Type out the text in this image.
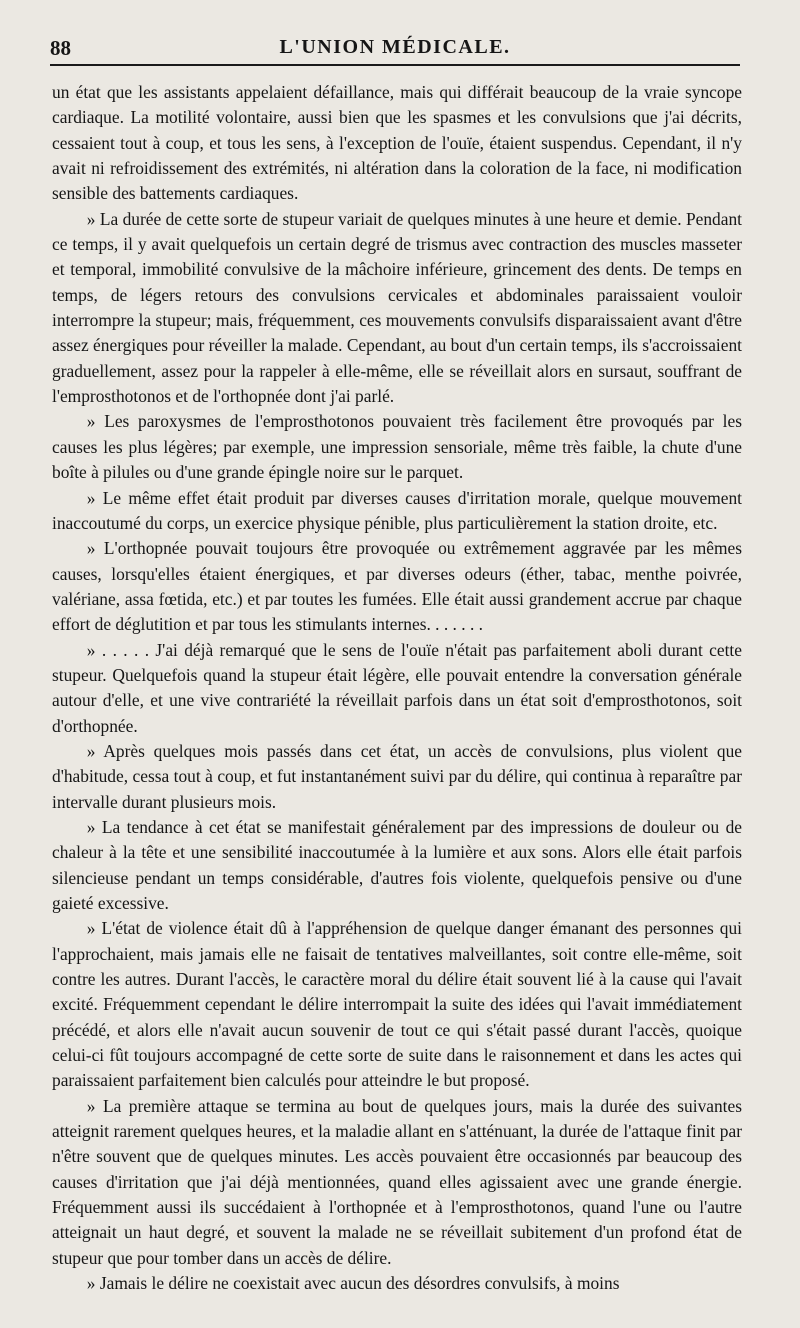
88	L'UNION MÉDICALE.

un état que les assistants appelaient défaillance, mais qui différait beaucoup de la vraie syncope cardiaque. La motilité volontaire, aussi bien que les spasmes et les convulsions que j'ai décrits, cessaient tout à coup, et tous les sens, à l'exception de l'ouïe, étaient suspendus. Cependant, il n'y avait ni refroidissement des extrémités, ni altération dans la coloration de la face, ni modification sensible des battements cardiaques.

» La durée de cette sorte de stupeur variait de quelques minutes à une heure et demie. Pendant ce temps, il y avait quelquefois un certain degré de trismus avec contraction des muscles masseter et temporal, immobilité convulsive de la mâchoire inférieure, grincement des dents. De temps en temps, de légers retours des convulsions cervicales et abdominales paraissaient vouloir interrompre la stupeur; mais, fréquemment, ces mouvements convulsifs disparaissaient avant d'être assez énergiques pour réveiller la malade. Cependant, au bout d'un certain temps, ils s'accroissaient graduellement, assez pour la rappeler à elle-même, elle se réveillait alors en sursaut, souffrant de l'emprosthotonos et de l'orthopnée dont j'ai parlé.

» Les paroxysmes de l'emprosthotonos pouvaient très facilement être provoqués par les causes les plus légères; par exemple, une impression sensoriale, même très faible, la chute d'une boîte à pilules ou d'une grande épingle noire sur le parquet.

» Le même effet était produit par diverses causes d'irritation morale, quelque mouvement inaccoutumé du corps, un exercice physique pénible, plus particulièrement la station droite, etc.

» L'orthopnée pouvait toujours être provoquée ou extrêmement aggravée par les mêmes causes, lorsqu'elles étaient énergiques, et par diverses odeurs (éther, tabac, menthe poivrée, valériane, assa fœtida, etc.) et par toutes les fumées. Elle était aussi grandement accrue par chaque effort de déglutition et par tous les stimulants internes. . . . . . .

» . . . . . J'ai déjà remarqué que le sens de l'ouïe n'était pas parfaitement aboli durant cette stupeur. Quelquefois quand la stupeur était légère, elle pouvait entendre la conversation générale autour d'elle, et une vive contrariété la réveillait parfois dans un état soit d'emprosthotonos, soit d'orthopnée.

» Après quelques mois passés dans cet état, un accès de convulsions, plus violent que d'habitude, cessa tout à coup, et fut instantanément suivi par du délire, qui continua à reparaître par intervalle durant plusieurs mois.

» La tendance à cet état se manifestait généralement par des impressions de douleur ou de chaleur à la tête et une sensibilité inaccoutumée à la lumière et aux sons. Alors elle était parfois silencieuse pendant un temps considérable, d'autres fois violente, quelquefois pensive ou d'une gaieté excessive.

» L'état de violence était dû à l'appréhension de quelque danger émanant des personnes qui l'approchaient, mais jamais elle ne faisait de tentatives malveillantes, soit contre elle-même, soit contre les autres. Durant l'accès, le caractère moral du délire était souvent lié à la cause qui l'avait excité. Fréquemment cependant le délire interrompait la suite des idées qui l'avait immédiatement précédé, et alors elle n'avait aucun souvenir de tout ce qui s'était passé durant l'accès, quoique celui-ci fût toujours accompagné de cette sorte de suite dans le raisonnement et dans les actes qui paraissaient parfaitement bien calculés pour atteindre le but proposé.

» La première attaque se termina au bout de quelques jours, mais la durée des suivantes atteignit rarement quelques heures, et la maladie allant en s'atténuant, la durée de l'attaque finit par n'être souvent que de quelques minutes. Les accès pouvaient être occasionnés par beaucoup des causes d'irritation que j'ai déjà mentionnées, quand elles agissaient avec une grande énergie. Fréquemment aussi ils succédaient à l'orthopnée et à l'emprosthotonos, quand l'une ou l'autre atteignait un haut degré, et souvent la malade ne se réveillait subitement d'un profond état de stupeur que pour tomber dans un accès de délire.

» Jamais le délire ne coexistait avec aucun des désordres convulsifs, à moins
